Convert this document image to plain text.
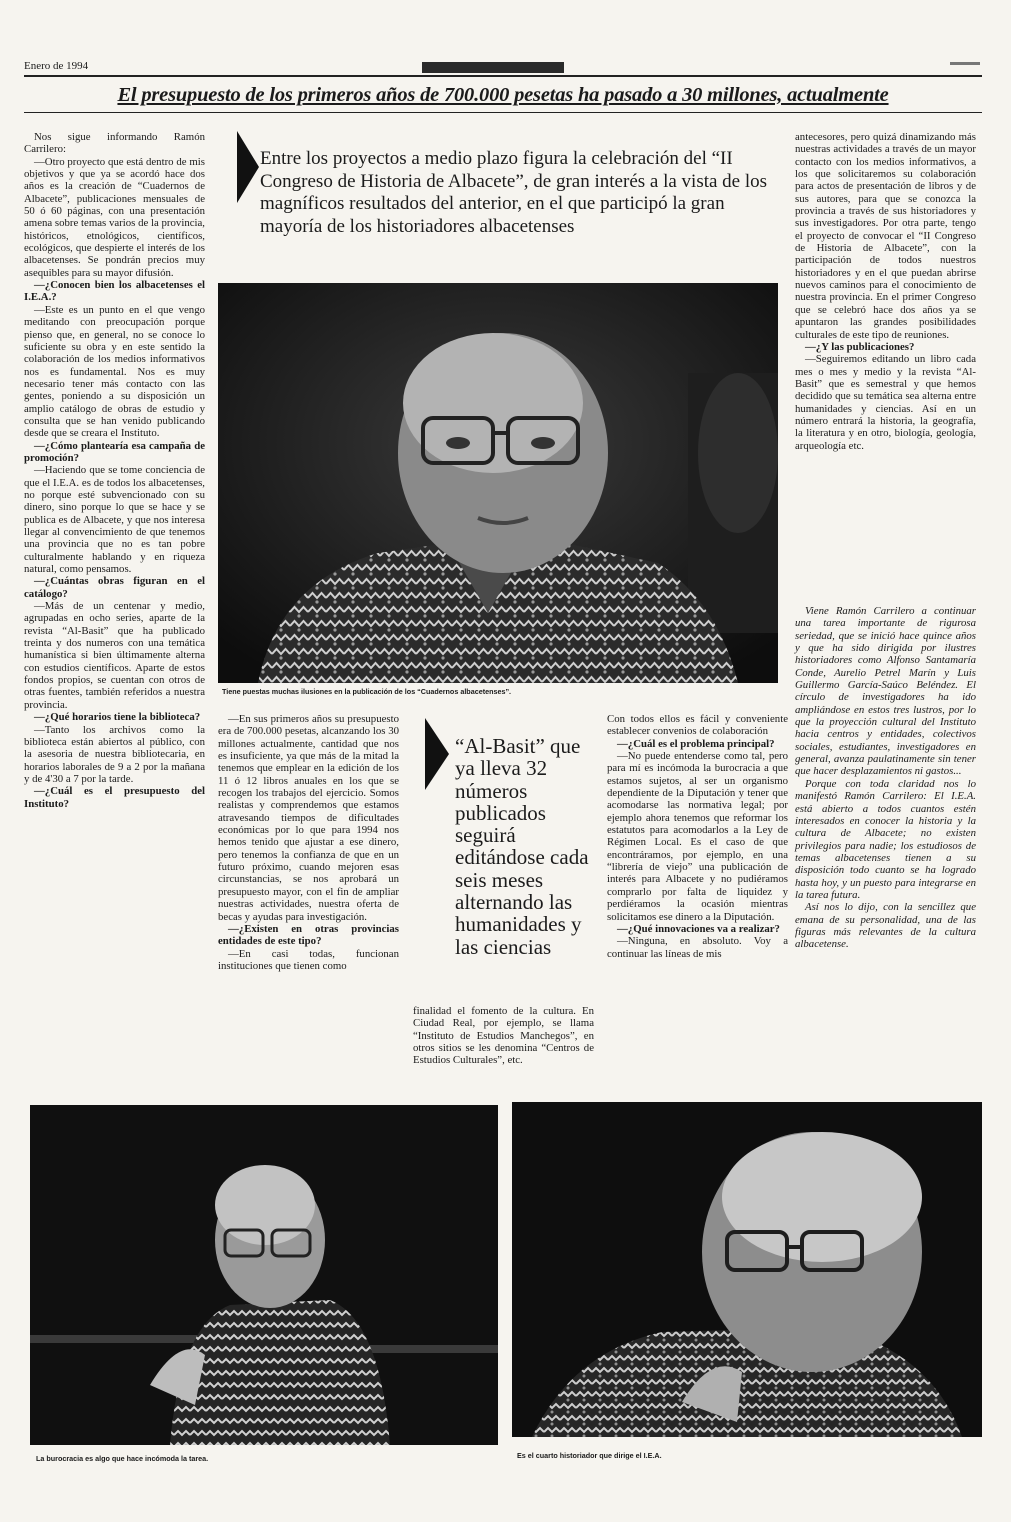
Enero de 1994
El presupuesto de los primeros años de 700.000 pesetas ha pasado a 30 millones, actualmente

Nos sigue informando Ramón Carrilero:

—Otro proyecto que está dentro de mis objetivos y que ya se acordó hace dos años es la creación de “Cuadernos de Albacete”, publicaciones mensuales de 50 ó 60 páginas, con una presentación amena sobre temas varios de la provincia, históricos, etnológicos, científicos, ecológicos, que despierte el interés de los albacetenses. Se pondrán precios muy asequibles para su mayor difusión.

—¿Conocen bien los albacetenses el I.E.A.?

—Este es un punto en el que vengo meditando con preocupación porque pienso que, en general, no se conoce lo suficiente su obra y en este sentido la colaboración de los medios informativos nos es fundamental. Nos es muy necesario tener más contacto con las gentes, poniendo a su disposición un amplio catálogo de obras de estudio y consulta que se han venido publicando desde que se creara el Instituto.

—¿Cómo plantearía esa campaña de promoción?

—Haciendo que se tome conciencia de que el I.E.A. es de todos los albacetenses, no porque esté subvencionado con su dinero, sino porque lo que se hace y se publica es de Albacete, y que nos interesa llegar al convencimiento de que tenemos una provincia que no es tan pobre culturalmente hablando y en riqueza natural, como pensamos.

—¿Cuántas obras figuran en el catálogo?

—Más de un centenar y medio, agrupadas en ocho series, aparte de la revista “Al-Basit” que ha publicado treinta y dos numeros con una temática humanística si bien últimamente alterna con estudios científicos. Aparte de estos fondos propios, se cuentan con otros de otras fuentes, también referidos a nuestra provincia.

—¿Qué horarios tiene la biblioteca?

—Tanto los archivos como la biblioteca están abiertos al público, con la asesoria de nuestra bibliotecaria, en horarios laborales de 9 a 2 por la mañana y de 4'30 a 7 por la tarde.

—¿Cuál es el presupuesto del Instituto?

Entre los proyectos a medio plazo figura la celebración del “II Congreso de Historia de Albacete”, de gran interés a la vista de los magníficos resultados del anterior, en el que participó la gran mayoría de los historiadores albacetenses
Tiene puestas muchas ilusiones en la publicación de los “Cuadernos albacetenses”.

—En sus primeros años su presupuesto era de 700.000 pesetas, alcanzando los 30 millones actualmente, cantidad que nos es insuficiente, ya que más de la mitad la tenemos que emplear en la edición de los 11 ó 12 libros anuales en los que se recogen los trabajos del ejercicio. Somos realistas y comprendemos que estamos atravesando tiempos de dificultades económicas por lo que para 1994 nos hemos tenido que ajustar a ese dinero, pero tenemos la confianza de que en un futuro próximo, cuando mejoren esas circunstancias, se nos aprobará un presupuesto mayor, con el fin de ampliar nuestras actividades, nuestra oferta de becas y ayudas para investigación.

—¿Existen en otras provincias entidades de este tipo?

—En casi todas, funcionan instituciones que tienen como

“Al-Basit” que ya lleva 32 números publicados seguirá editándose cada seis meses alternando las humanidades y las ciencias

finalidad el fomento de la cultura. En Ciudad Real, por ejemplo, se llama “Instituto de Estudios Manchegos”, en otros sitios se les denomina “Centros de Estudios Culturales”, etc.

Con todos ellos es fácil y conveniente establecer convenios de colaboración

—¿Cuál es el problema principal?

—No puede entenderse como tal, pero para mí es incómoda la burocracia a que estamos sujetos, al ser un organismo dependiente de la Diputación y tener que acomodarse las normativa legal; por ejemplo ahora tenemos que reformar los estatutos para acomodarlos a la Ley de Régimen Local. Es el caso de que encontráramos, por ejemplo, en una “librería de viejo” una publicación de interés para Albacete y no pudiéramos comprarlo por falta de liquidez y perdiéramos la ocasión mientras solicitamos ese dinero a la Diputación.

—¿Qué innovaciones va a realizar?

—Ninguna, en absoluto. Voy a continuar las líneas de mis

antecesores, pero quizá dinamizando más nuestras actividades a través de un mayor contacto con los medios informativos, a los que solicitaremos su colaboración para actos de presentación de libros y de sus autores, para que se conozca la provincia a través de sus historiadores y sus investigadores. Por otra parte, tengo el proyecto de convocar el “II Congreso de Historia de Albacete”, con la participación de todos nuestros historiadores y en el que puedan abrirse nuevos caminos para el conocimiento de nuestra provincia. En el primer Congreso que se celebró hace dos años ya se apuntaron las grandes posibilidades culturales de este tipo de reuniones.

—¿Y las publicaciones?

—Seguiremos editando un libro cada mes o mes y medio y la revista “Al-Basit” que es semestral y que hemos decidido que su temática sea alterna entre humanidades y ciencias. Así en un número entrará la historia, la geografía, la literatura y en otro, biología, geología, arqueología etc.

Viene Ramón Carrilero a continuar una tarea importante de rigurosa seriedad, que se inició hace quince años y que ha sido dirigida por ilustres historiadores como Alfonso Santamaría Conde, Aurelio Petrel Marín y Luis Guillermo García-Saúco Beléndez. El círculo de investigadores ha ido ampliándose en estos tres lustros, por lo que la proyección cultural del Instituto hacia centros y entidades, colectivos sociales, estudiantes, investigadores en general, avanza paulatinamente sin tener que hacer desplazamientos ni gastos...

Porque con toda claridad nos lo manifestó Ramón Carrilero: El I.E.A. está abierto a todos cuantos estén interesados en conocer la historia y la cultura de Albacete; no existen privilegios para nadie; los estudiosos de temas albacetenses tienen a su disposición todo cuanto se ha logrado hasta hoy, y un puesto para integrarse en la tarea futura.

Así nos lo dijo, con la sencillez que emana de su personalidad, una de las figuras más relevantes de la cultura albacetense.

La burocracia es algo que hace incómoda la tarea.	Es el cuarto historiador que dirige el I.E.A.
